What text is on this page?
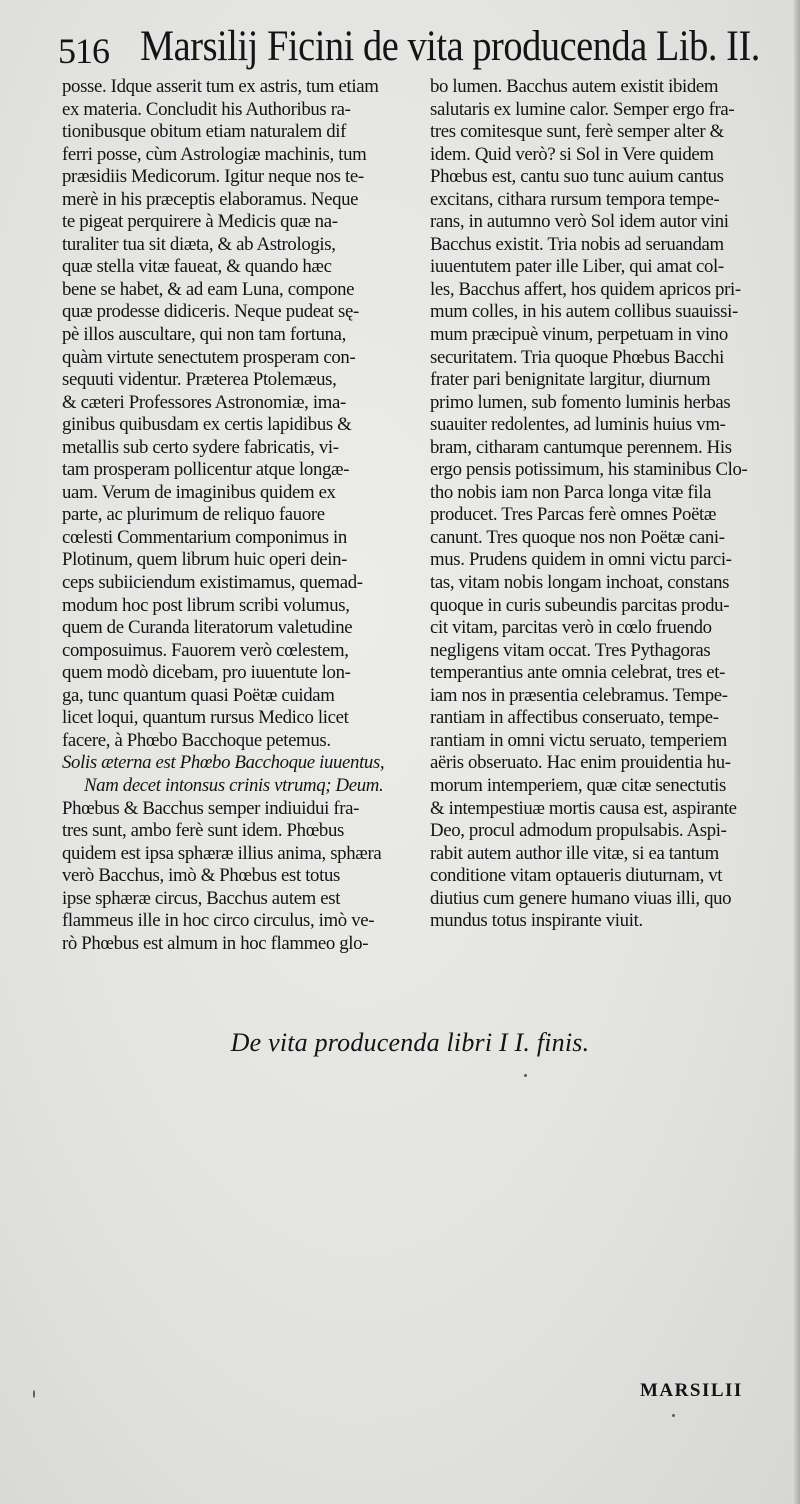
516 Marsilij Ficini de vita producenda Lib. II.
posse. Idque asserit tum ex astris, tum etiam
ex materia. Concludit his Authoribus ra-
tionibusque obitum etiam naturalem dif
ferri posse, cùm Astrologiæ machinis, tum
præsidiis Medicorum. Igitur neque nos te-
merè in his præceptis elaboramus. Neque
te pigeat perquirere à Medicis quæ na-
turaliter tua sit diæta, & ab Astrologis,
quæ stella vitæ faueat, & quando hæc
bene se habet, & ad eam Luna, compone
quæ prodesse didiceris. Neque pudeat sę-
pè illos auscultare, qui non tam fortuna,
quàm virtute senectutem prosperam con-
sequuti videntur. Præterea Ptolemæus,
& cæteri Professores Astronomiæ, ima-
ginibus quibusdam ex certis lapidibus &
metallis sub certo sydere fabricatis, vi-
tam prosperam pollicentur atque longæ-
uam. Verum de imaginibus quidem ex
parte, ac plurimum de reliquo fauore
cœlesti Commentarium componimus in
Plotinum, quem librum huic operi dein-
ceps subiiciendum existimamus, quemad-
modum hoc post librum scribi volumus,
quem de Curanda literatorum valetudine
composuimus. Fauorem verò cœlestem,
quem modò dicebam, pro iuuentute lon-
ga, tunc quantum quasi Poëtæ cuidam
licet loqui, quantum rursus Medico licet
facere, à Phœbo Bacchoque petemus.
Solis æterna est Phœbo Bacchoque iuuentus,
Nam decet intonsus crinis vtrumq; Deum.
Phœbus & Bacchus semper indiuidui fra-
tres sunt, ambo ferè sunt idem. Phœbus
quidem est ipsa sphæræ illius anima, sphæra
verò Bacchus, imò & Phœbus est totus
ipse sphæræ circus, Bacchus autem est
flammeus ille in hoc circo circulus, imò ve-
rò Phœbus est almum in hoc flammeo glo-
bo lumen. Bacchus autem existit ibidem
salutaris ex lumine calor. Semper ergo fra-
tres comitesque sunt, ferè semper alter &
idem. Quid verò? si Sol in Vere quidem
Phœbus est, cantu suo tunc auium cantus
excitans, cithara rursum tempora tempe-
rans, in autumno verò Sol idem autor vini
Bacchus existit. Tria nobis ad seruandam
iuuentutem pater ille Liber, qui amat col-
les, Bacchus affert, hos quidem apricos pri-
mum colles, in his autem collibus suauissi-
mum præcipuè vinum, perpetuam in vino
securitatem. Tria quoque Phœbus Bacchi
frater pari benignitate largitur, diurnum
primo lumen, sub fomento luminis herbas
suauiter redolentes, ad luminis huius vm-
bram, citharam cantumque perennem. His
ergo pensis potissimum, his staminibus Clo-
tho nobis iam non Parca longa vitæ fila
producet. Tres Parcas ferè omnes Poëtæ
canunt. Tres quoque nos non Poëtæ cani-
mus. Prudens quidem in omni victu parci-
tas, vitam nobis longam inchoat, constans
quoque in curis subeundis parcitas produ-
cit vitam, parcitas verò in cœlo fruendo
negligens vitam occat. Tres Pythagoras
temperantius ante omnia celebrat, tres et-
iam nos in præsentia celebramus. Tempe-
rantiam in affectibus conseruato, tempe-
rantiam in omni victu seruato, temperiem
aëris obseruato. Hac enim prouidentia hu-
morum intemperiem, quæ citæ senectutis
& intempestiuæ mortis causa est, aspirante
Deo, procul admodum propulsabis. Aspi-
rabit autem author ille vitæ, si ea tantum
conditione vitam optaueris diuturnam, vt
diutius cum genere humano viuas illi, quo
mundus totus inspirante viuit.
De vita producenda libri I I. finis.
MARSILII
